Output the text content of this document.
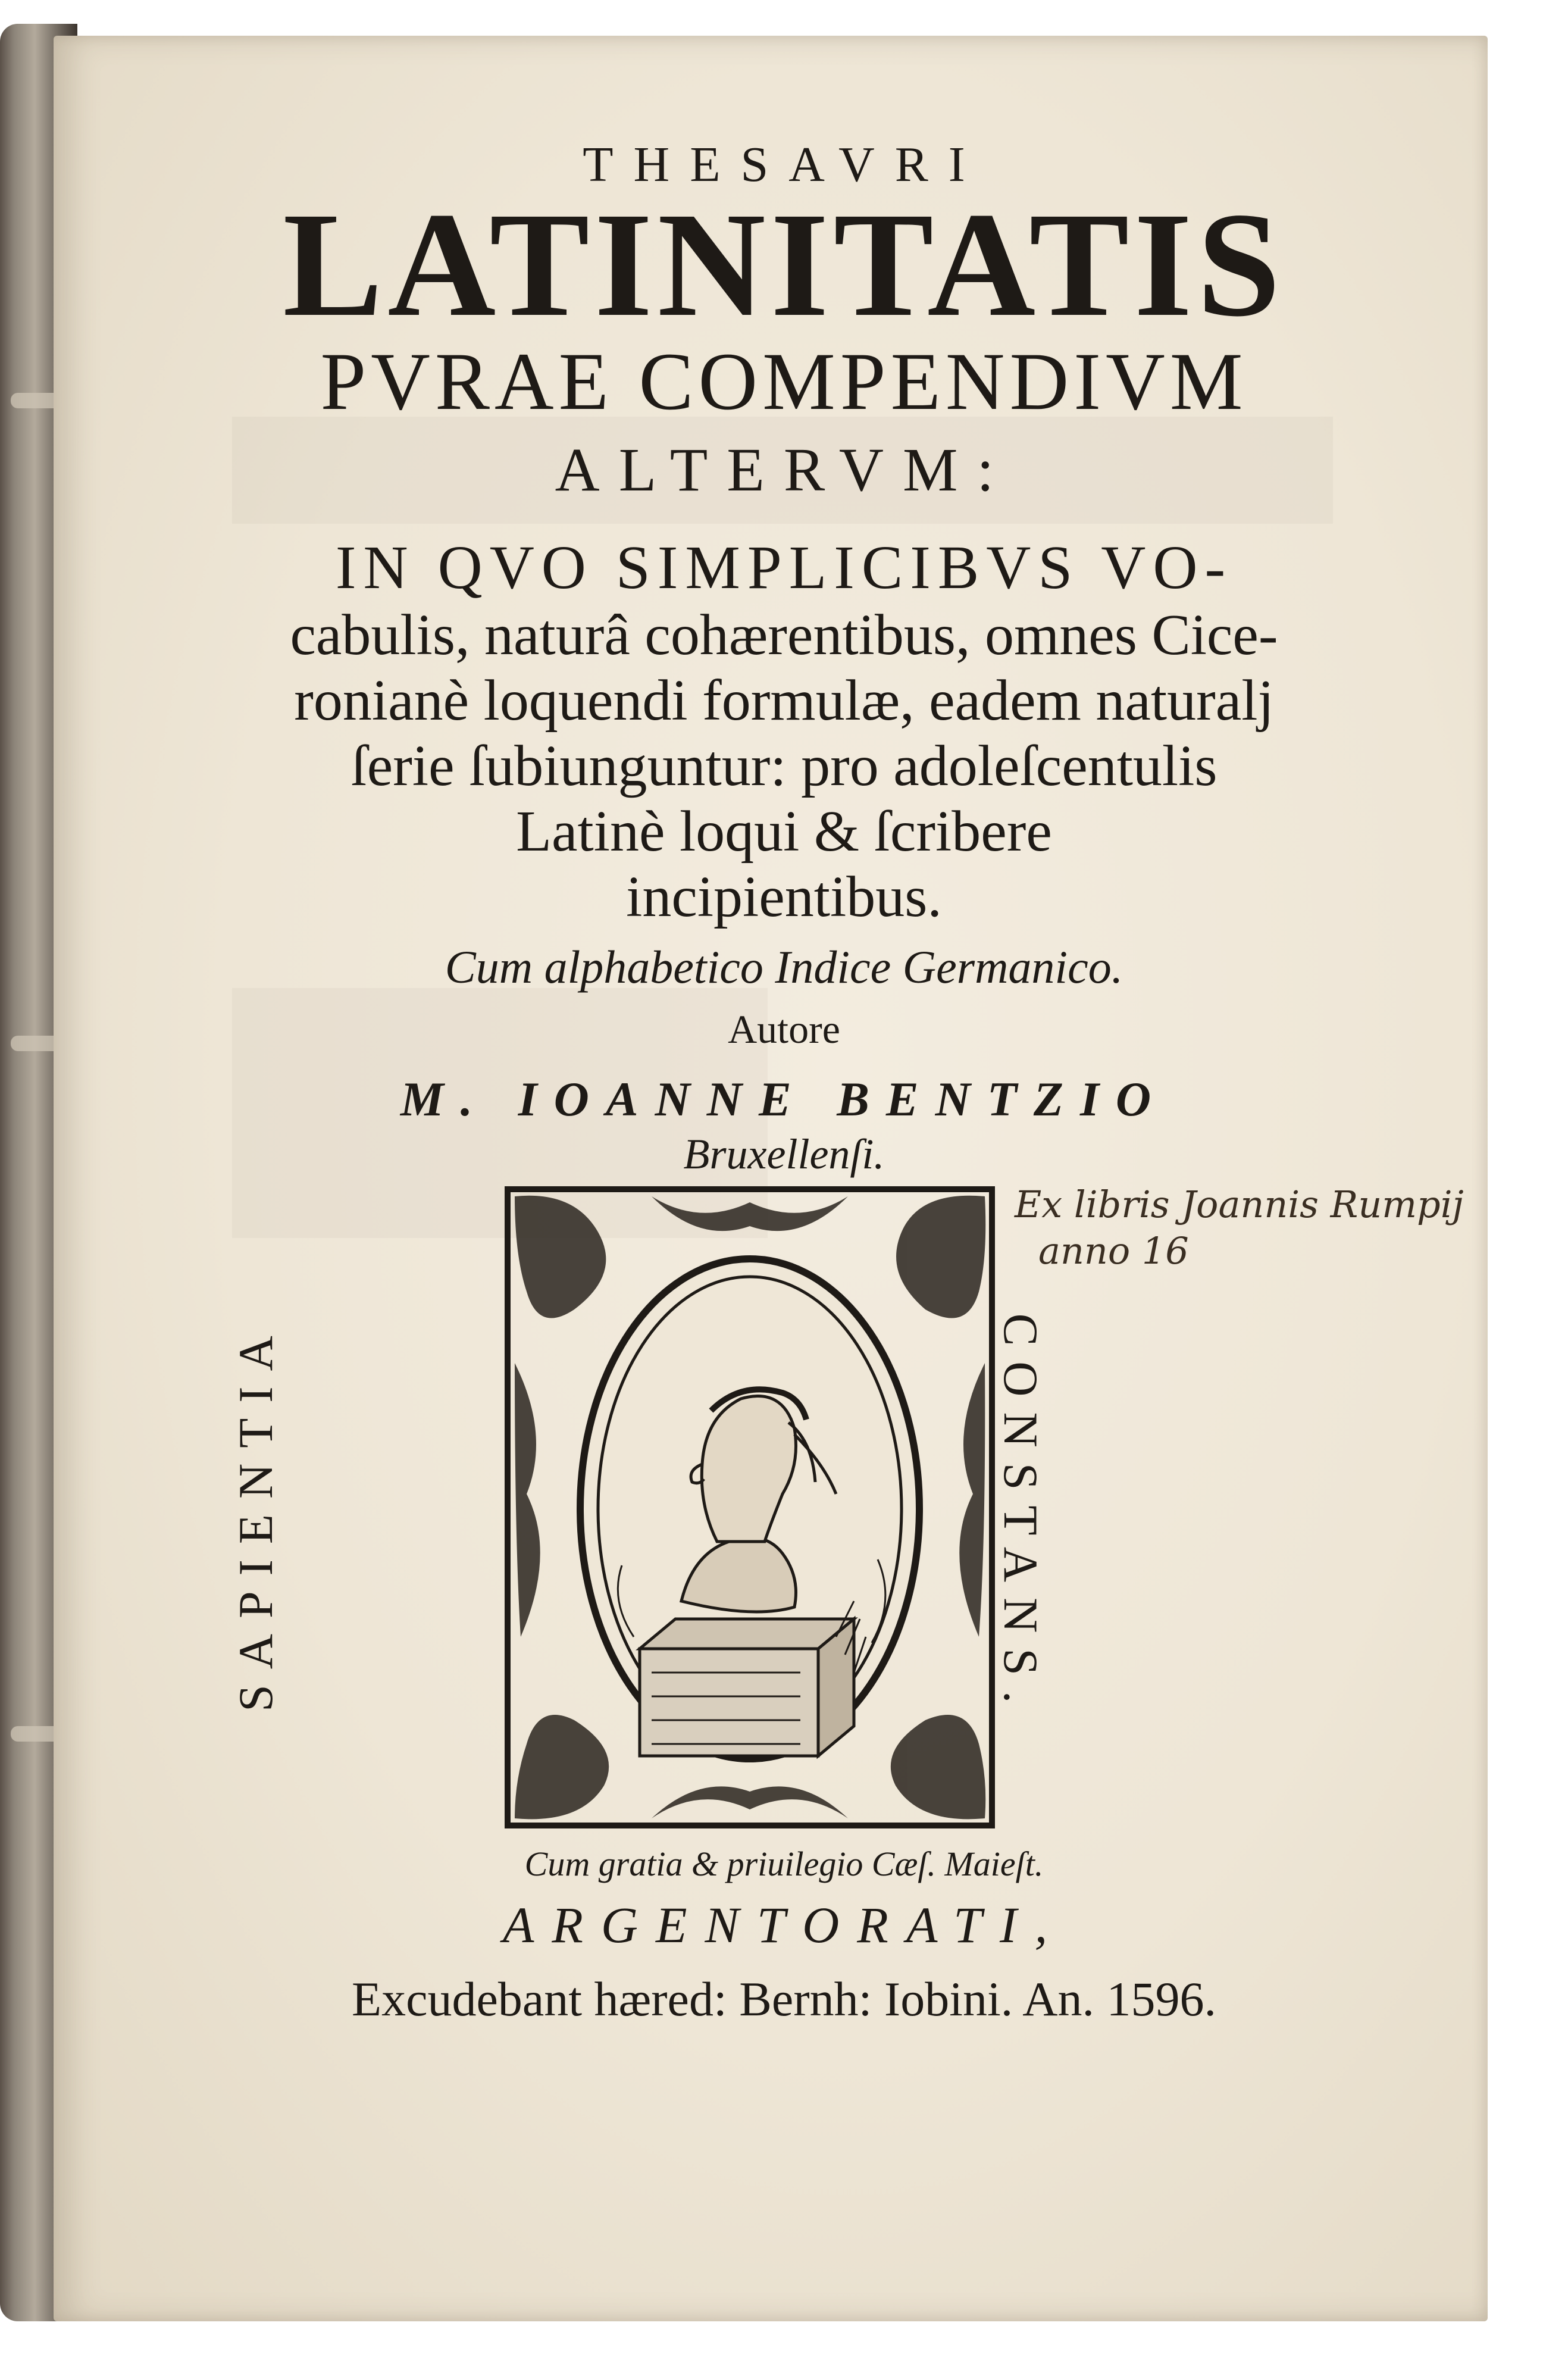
THESAVRI
LATINITATIS
PVRAE COMPENDIVM
ALTERVM:
IN QVO SIMPLICIBVS VO-
cabulis, naturâ cohærentibus, omnes Cice-
ronianè loquendi formulæ, eadem naturalj
ſerie ſubiunguntur: pro adoleſcentulis
Latinè loqui & ſcribere
incipientibus.
Cum alphabetico Indice Germanico.
Autore
M. IOANNE BENTZIO
Bruxellenſi.
SAPIENTIA	CONSTANS.
Cum gratia & priuilegio Cæſ. Maieſt.
ARGENTORATI,
Excudebant hæred: Bernh: Iobini. An. 1596.
Ex libris Joannis Rumpij
anno 16
